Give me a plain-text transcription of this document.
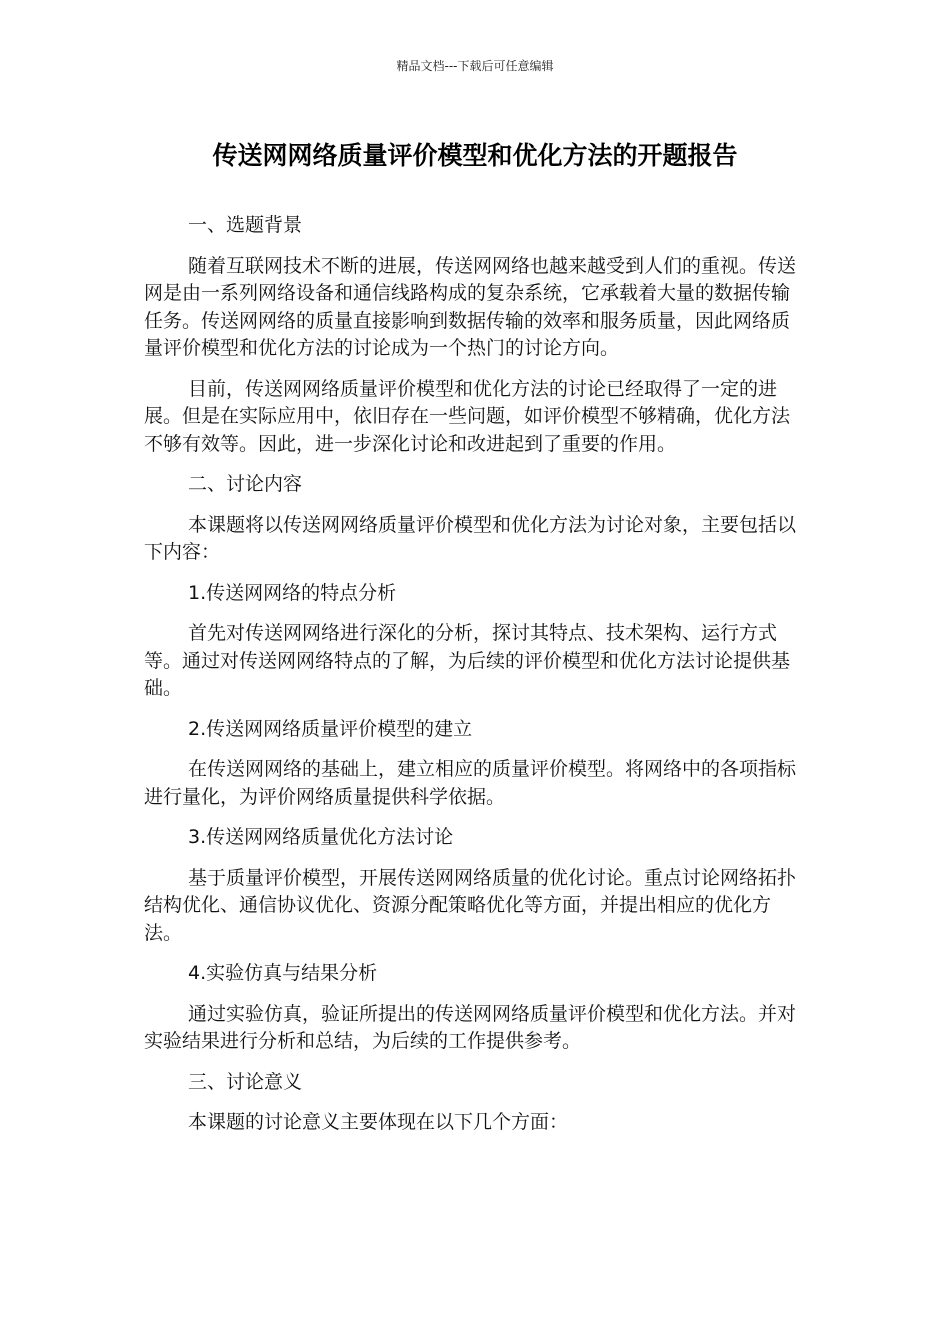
精品文档---下载后可任意编辑
传送网网络质量评价模型和优化方法的开题报告

一、选题背景

随着互联网技术不断的进展，传送网网络也越来越受到人们的重视。传送网是由一系列网络设备和通信线路构成的复杂系统，它承载着大量的数据传输任务。传送网网络的质量直接影响到数据传输的效率和服务质量，因此网络质量评价模型和优化方法的讨论成为一个热门的讨论方向。

目前，传送网网络质量评价模型和优化方法的讨论已经取得了一定的进展。但是在实际应用中，依旧存在一些问题，如评价模型不够精确，优化方法不够有效等。因此，进一步深化讨论和改进起到了重要的作用。

二、讨论内容

本课题将以传送网网络质量评价模型和优化方法为讨论对象，主要包括以下内容：

1.传送网网络的特点分析

首先对传送网网络进行深化的分析，探讨其特点、技术架构、运行方式等。通过对传送网网络特点的了解，为后续的评价模型和优化方法讨论提供基础。

2.传送网网络质量评价模型的建立

在传送网网络的基础上，建立相应的质量评价模型。将网络中的各项指标进行量化，为评价网络质量提供科学依据。

3.传送网网络质量优化方法讨论

基于质量评价模型，开展传送网网络质量的优化讨论。重点讨论网络拓扑结构优化、通信协议优化、资源分配策略优化等方面，并提出相应的优化方法。

4.实验仿真与结果分析

通过实验仿真，验证所提出的传送网网络质量评价模型和优化方法。并对实验结果进行分析和总结，为后续的工作提供参考。

三、讨论意义

本课题的讨论意义主要体现在以下几个方面：
